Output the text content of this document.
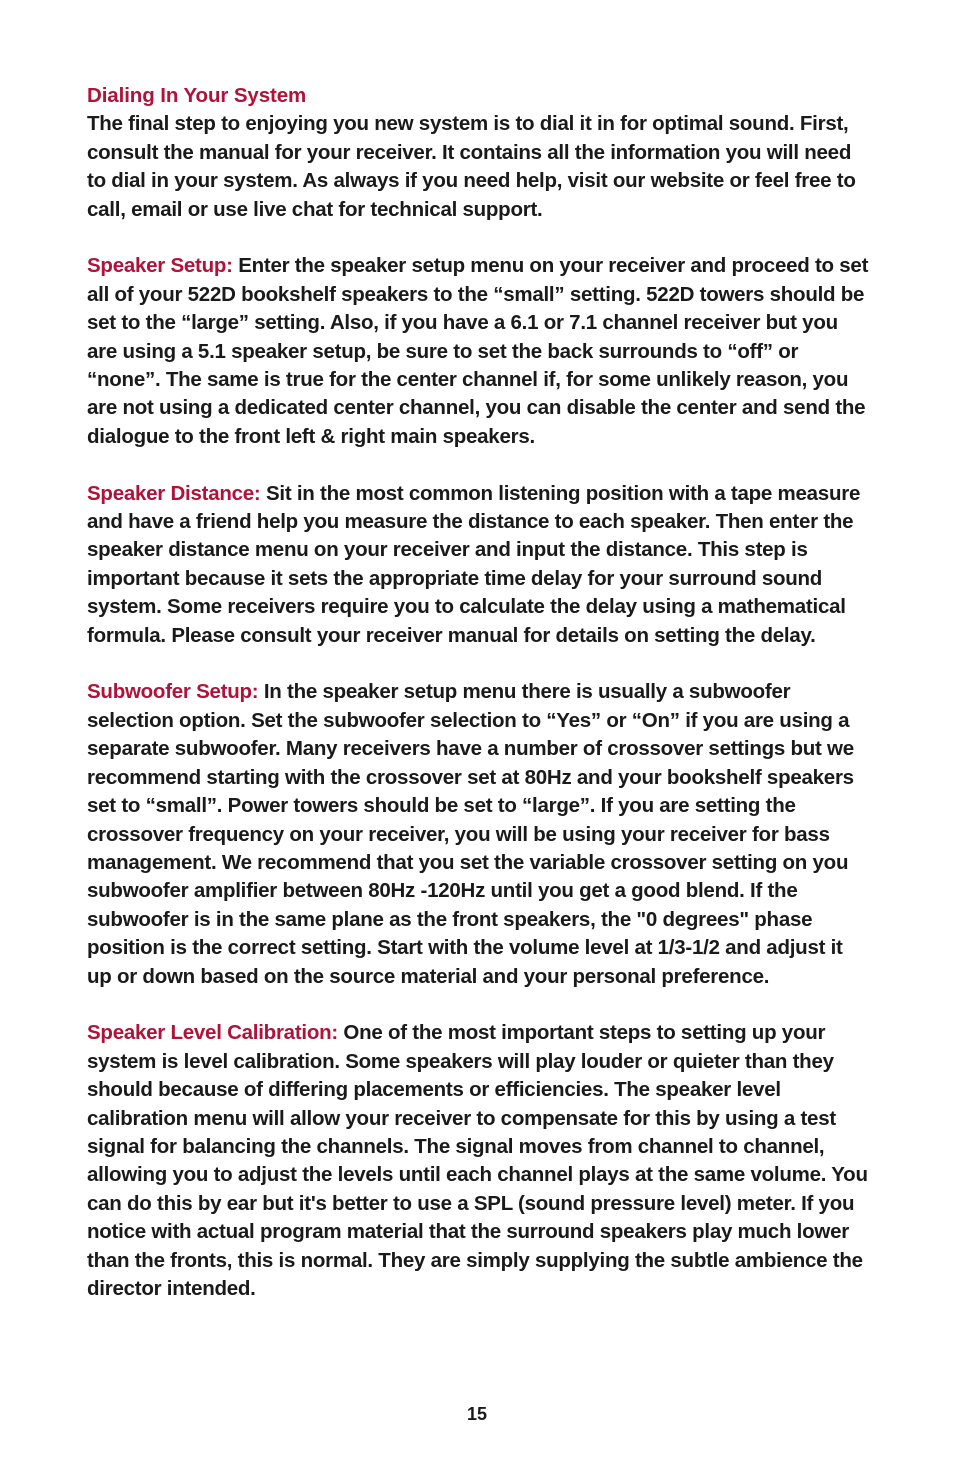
Dialing In Your System

The final step to enjoying you new system is to dial it in for optimal sound. First, consult the manual for your receiver. It contains all the information you will need to dial in your system. As always if you need help, visit our website or feel free to call, email or use live chat for technical support.

Speaker Setup: Enter the speaker setup menu on your receiver and proceed to set all of your 522D bookshelf speakers to the “small” setting. 522D towers should be set to the “large” setting. Also, if you have a 6.1 or 7.1 channel receiver but you are using a 5.1 speaker setup, be sure to set the back surrounds to “off” or “none”. The same is true for the center channel if, for some unlikely reason, you are not using a dedicated center channel, you can disable the center and send the dialogue to the front left & right main speakers.

Speaker Distance: Sit in the most common listening position with a tape measure and have a friend help you measure the distance to each speaker. Then enter the speaker distance menu on your receiver and input the distance. This step is important because it sets the appropriate time delay for your surround sound system. Some receivers require you to calculate the delay using a mathematical formula. Please consult your receiver manual for details on setting the delay.

Subwoofer Setup: In the speaker setup menu there is usually a subwoofer selection option. Set the subwoofer selection to “Yes” or “On” if you are using a separate subwoofer. Many receivers have a number of crossover settings but we recommend starting with the crossover set at 80Hz and your bookshelf speakers set to “small”. Power towers should be set to “large”. If you are setting the crossover frequency on your receiver, you will be using your receiver for bass management. We recommend that you set the variable crossover setting on you subwoofer amplifier between 80Hz -120Hz until you get a good blend. If the subwoofer is in the same plane as the front speakers, the "0 degrees" phase position is the correct setting. Start with the volume level at 1/3-1/2 and adjust it up or down based on the source material and your personal preference.

Speaker Level Calibration: One of the most important steps to setting up your system is level calibration. Some speakers will play louder or quieter than they should because of differing placements or efficiencies. The speaker level calibration menu will allow your receiver to compensate for this by using a test signal for balancing the channels. The signal moves from channel to channel, allowing you to adjust the levels until each channel plays at the same volume. You can do this by ear but it's better to use a SPL (sound pressure level) meter. If you notice with actual program material that the surround speakers play much lower than the fronts, this is normal. They are simply supplying the subtle ambience the director intended.

15
